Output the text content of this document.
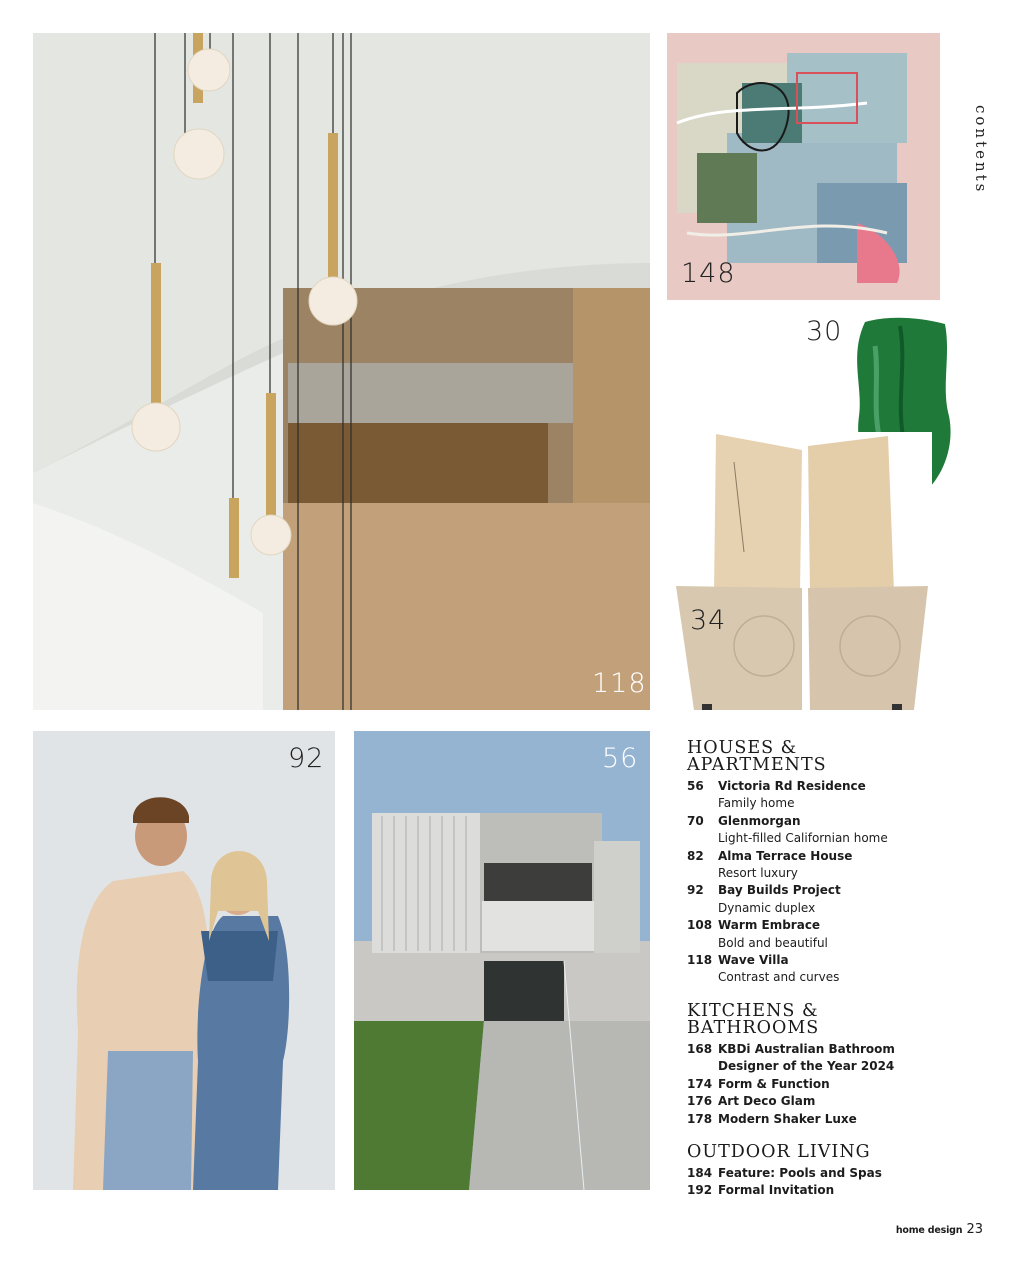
118
148
30
34
92	56
contents
HOUSES &
APARTMENTS
56	Victoria Rd Residence
Family home
70	Glenmorgan
Light-filled Californian home
82	Alma Terrace House
Resort luxury
92	Bay Builds Project
Dynamic duplex
108 Warm Embrace
Bold and beautiful
118 Wave Villa
Contrast and curves
KITCHENS &
BATHROOMS
168 KBDi Australian Bathroom
Designer of the Year 2024
174 Form & Function
176 Art Deco Glam
178 Modern Shaker Luxe
OUTDOOR LIVING
184 Feature: Pools and Spas
192 Formal Invitation
home design 23
